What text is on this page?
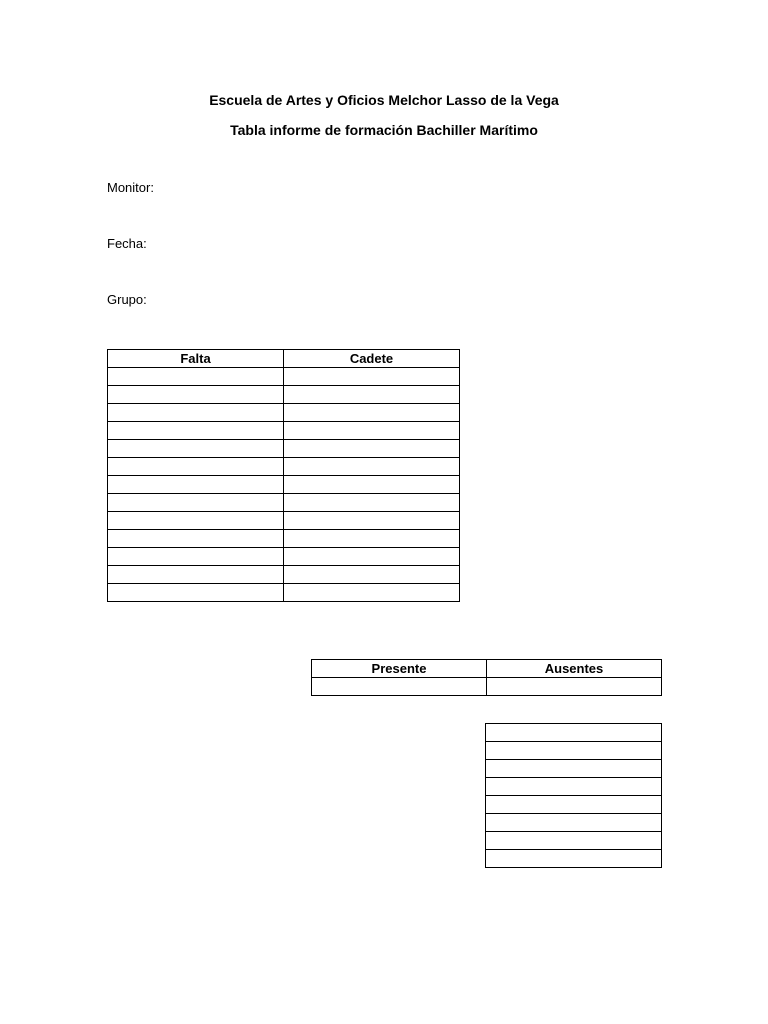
Escuela de Artes y Oficios Melchor Lasso de la Vega
Tabla informe de formación Bachiller Marítimo
Monitor:
Fecha:
Grupo:
Falta	Cadete

Presente	Ausentes
